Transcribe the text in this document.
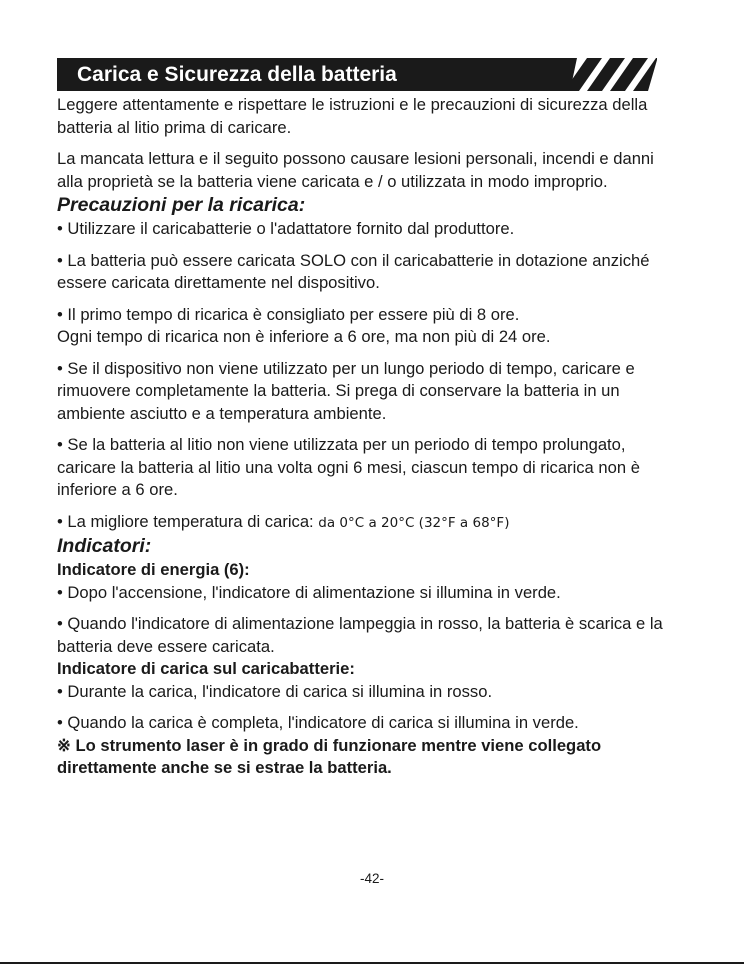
Carica e Sicurezza della batteria

Leggere attentamente e rispettare le istruzioni e le precauzioni di sicurezza della batteria al litio prima di caricare.

La mancata lettura e il seguito possono causare lesioni personali, incendi e danni alla proprietà se la batteria viene caricata e / o utilizzata in modo improprio.

Precauzioni per la ricarica:

• Utilizzare il caricabatterie o l'adattatore fornito dal produttore.

• La batteria può essere caricata SOLO con il caricabatterie in dotazione anziché essere caricata direttamente nel dispositivo.

• Il primo tempo di ricarica è consigliato per essere più di 8 ore.

Ogni tempo di ricarica non è inferiore a 6 ore, ma non più di 24 ore.

• Se il dispositivo non viene utilizzato per un lungo periodo di tempo, caricare e rimuovere completamente la batteria. Si prega di conservare la batteria in un ambiente asciutto e a temperatura ambiente.

• Se la batteria al litio non viene utilizzata per un periodo di tempo prolungato, caricare la batteria al litio una volta ogni 6 mesi, ciascun tempo di ricarica non è inferiore a 6 ore.

• La migliore temperatura di carica: da 0°C a 20°C (32°F a 68°F)

Indicatori:
Indicatore di energia (6):

• Dopo l'accensione, l'indicatore di alimentazione si illumina in verde.

• Quando l'indicatore di alimentazione lampeggia in rosso, la batteria è scarica e la batteria deve essere caricata.

Indicatore di carica sul caricabatterie:

• Durante la carica, l'indicatore di carica si illumina in rosso.

• Quando la carica è completa, l'indicatore di carica si illumina in verde.

※ Lo strumento laser è in grado di funzionare mentre viene collegato direttamente anche se si estrae la batteria.

-42-
